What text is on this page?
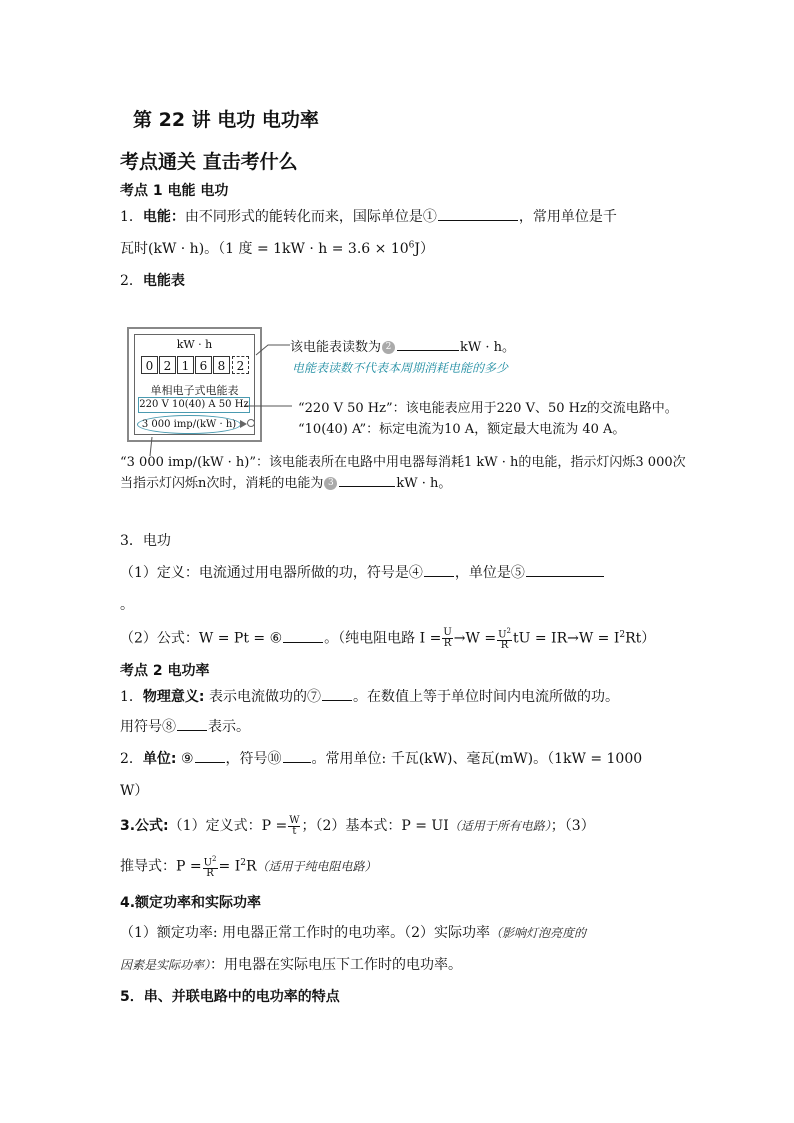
第 22 讲 电功 电功率
考点通关 直击考什么
考点 1 电能 电功
1．电能：由不同形式的能转化而来，国际单位是①	，常用单位是千
瓦时(kW · h)。（1 度 = $1kW \cdot h = 3.6 \times 10^6J$）
2．电能表
kW · h
0 2 1 6 8 2
单相电子式电能表
220 V 10(40) A 50 Hz
3 000 imp/(kW · h)
该电能表读数为 2	kW · h。
电能表读数不代表本周期消耗电能的多少
“220 V 50 Hz”：该电能表应用于220 V、50 Hz的交流电路中。
“10(40) A”：标定电流为10 A，额定最大电流为 40 A。
“3 000 imp/(kW · h)”：该电能表所在电路中用电器每消耗1 kW · h的电能，指示灯闪烁3 000次
当指示灯闪烁n次时，消耗的电能为 3	kW · h。
3．电功
（1）定义：电流通过用电器所做的功，符号是④ ，单位是⑤
。
（2）公式：W = Pt = ⑥	。（纯电阻电路 $I = \frac{U}{R} \to W = \frac{U^2}{R}$ tU = $IR\to W = I^2Rt$）
考点 2 电功率
1．物理意义: 表示电流做功的⑦ 。在数值上等于单位时间内电流所做的功。
用符号⑧ 表示。
2．单位: ⑨ ，符号⑩ 。常用单位: 千瓦(kW)、毫瓦(mW)。（1kW = 1000
W）
3.公式:（1）定义式：$P = \frac{W}{t}$ ；（2）基本式：P = UI（适用于所有电路）；（3）
推导式：$P = \frac{U^2}{R} = I^2R$（适用于纯电阻电路）
4.额定功率和实际功率
（1）额定功率: 用电器正常工作时的电功率。（2）实际功率（影响灯泡亮度的
因素是实际功率）：用电器在实际电压下工作时的电功率。
5．串、并联电路中的电功率的特点
